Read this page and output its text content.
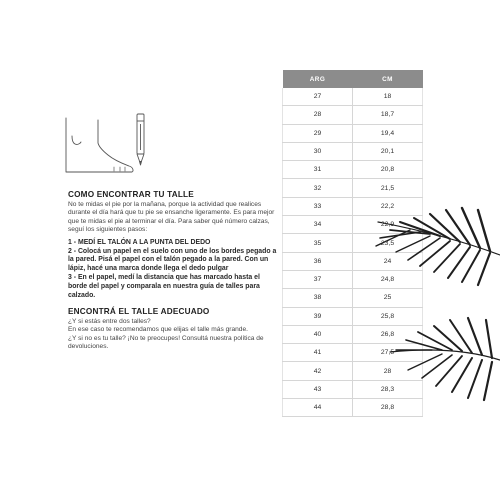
COMO ENCONTRAR TU TALLE

No te midas el pie por la mañana, porque la actividad que realices durante el día hará que tu pie se ensanche ligeramente. Es para mejor que te midas el pie al terminar el día. Para saber qué número calzas, seguí los siguientes pasos:

1 - MEDÍ EL TALÓN A LA PUNTA DEL DEDO

2 - Colocá un papel en el suelo con uno de los bordes pegado a la pared. Pisá el papel con el talón pegado a la pared. Con un lápiz, hacé una marca donde llega el dedo pulgar

3 - En el papel, medí la distancia que has marcado hasta el borde del papel y comparala en nuestra guía de talles para calzado.

ENCONTRÁ EL TALLE ADECUADO

¿Y si estás entre dos talles?

En ese caso te recomendamos que elijas el talle más grande.

¿Y si no es tu talle? ¡No te preocupes! Consultá nuestra política de devoluciones.

ARG	CM
27	18
28	18,7
29	19,4
30	20,1
31	20,8
32	21,5
33	22,2
34	22,9
35	23,5
36	24
37	24,8
38	25
39	25,8
40	26,8
41	27,5
42	28
43	28,3
44	28,8
